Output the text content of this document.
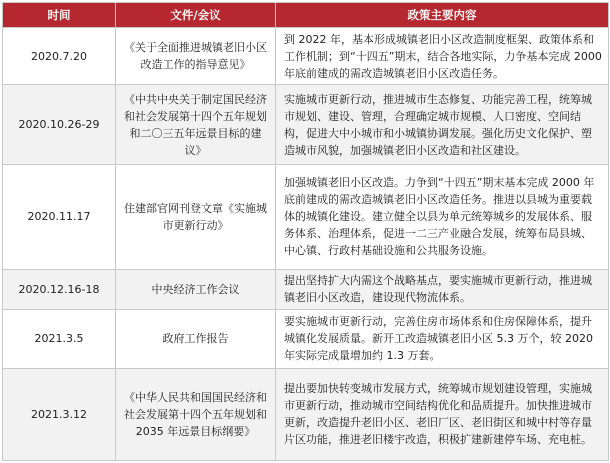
时间	文件/会议	政策主要内容
2020.7.20	《关于全面推进城镇老旧小区改造工作的指导意见》	到 2022 年，基本形成城镇老旧小区改造制度框架、政策体系和工作机制；到“十四五”期末，结合各地实际，力争基本完成 2000 年底前建成的需改造城镇老旧小区改造任务。
2020.10.26-29	《中共中央关于制定国民经济和社会发展第十四个五年规划和二〇三五年远景目标的建议》	实施城市更新行动，推进城市生态修复、功能完善工程，统筹城市规划、建设、管理，合理确定城市规模、人口密度、空间结构，促进大中小城市和小城镇协调发展。强化历史文化保护、塑造城市风貌，加强城镇老旧小区改造和社区建设。
2020.11.17	住建部官网刊登文章《实施城市更新行动》	加强城镇老旧小区改造。力争到“十四五”期末基本完成 2000 年底前建成的需改造城镇老旧小区改造任务。推进以县城为重要载体的城镇化建设。建立健全以县为单元统筹城乡的发展体系、服务体系、治理体系，促进一二三产业融合发展，统筹布局县城、中心镇、行政村基础设施和公共服务设施。
2020.12.16-18	中央经济工作会议	提出坚持扩大内需这个战略基点，要实施城市更新行动，推进城镇老旧小区改造，建设现代物流体系。
2021.3.5	政府工作报告	要实施城市更新行动，完善住房市场体系和住房保障体系，提升城镇化发展质量。新开工改造城镇老旧小区 5.3 万个，较 2020 年实际完成量增加约 1.3 万套。
2021.3.12	《中华人民共和国国民经济和社会发展第十四个五年规划和 2035 年远景目标纲要》	提出要加快转变城市发展方式，统筹城市规划建设管理，实施城市更新行动，推动城市空间结构优化和品质提升。加快推进城市更新，改造提升老旧小区、老旧厂区、老旧街区和城中村等存量片区功能，推进老旧楼宇改造，积极扩建新建停车场、充电桩。
